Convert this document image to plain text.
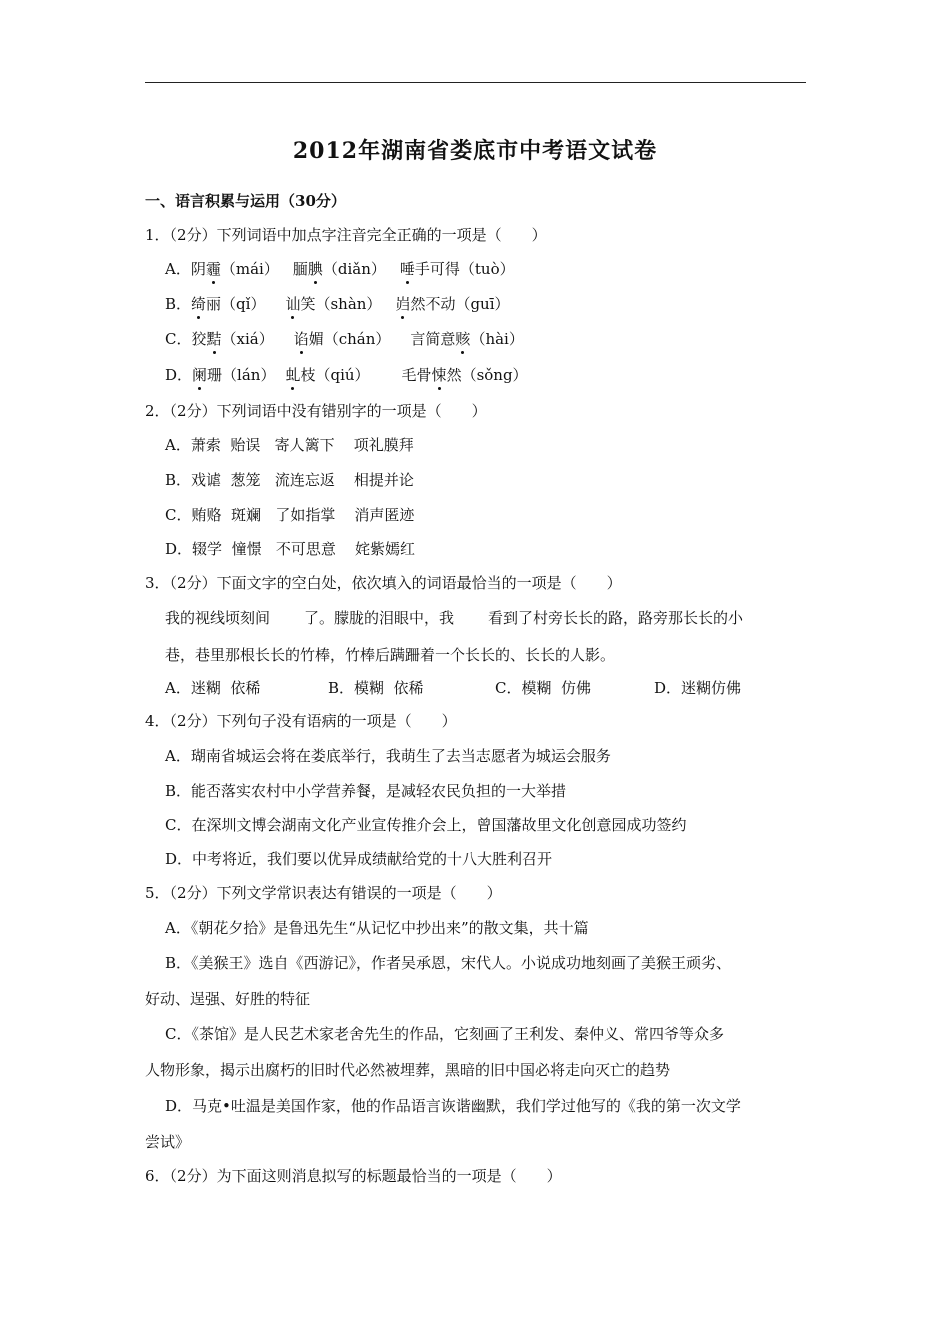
2012年湖南省娄底市中考语文试卷
一、语言积累与运用（30分）
1．（2分）下列词语中加点字注音完全正确的一项是（　　）
A．阴霾（mái） 腼腆（diǎn） 唾手可得（tuò）
B．绮丽（qǐ） 讪笑（shàn） 岿然不动（guī）
C．狡黠（xiá） 谄媚（chán） 言简意赅（hài）
D．阑珊（lán） 虬枝（qiú） 毛骨悚然（sǒng）
2．（2分）下列词语中没有错别字的一项是（　　）
A．萧索  贻误   寄人篱下    项礼膜拜
B．戏谑  葱笼   流连忘返    相提并论
C．贿赂  斑斓   了如指掌    消声匿迹
D．辍学  憧憬   不可思意    姹紫嫣红
3．（2分）下面文字的空白处，依次填入的词语最恰当的一项是（　　）
我的视线顷刻间 了。朦胧的泪眼中，我 看到了村旁长长的路，路旁那长长的小
巷，巷里那根长长的竹棒，竹棒后蹒跚着一个长长的、长长的人影。
A．迷糊  依稀	B．模糊  依稀	C．模糊  仿佛	D．迷糊仿佛
4．（2分）下列句子没有语病的一项是（　　）
A．瑚南省城运会将在娄底举行，我萌生了去当志愿者为城运会服务
B．能否落实农村中小学营养餐，是减轻农民负担的一大举措
C．在深圳文博会湖南文化产业宣传推介会上，曾国藩故里文化创意园成功签约
D．中考将近，我们要以优异成绩献给党的十八大胜利召开
5．（2分）下列文学常识表达有错误的一项是（　　）
A．《朝花夕拾》是鲁迅先生“从记忆中抄出来”的散文集，共十篇
B．《美猴王》选自《西游记》，作者吴承恩，宋代人。小说成功地刻画了美猴王顽劣、
好动、逞强、好胜的特征
C．《茶馆》是人民艺术家老舍先生的作品，它刻画了王利发、秦仲义、常四爷等众多
人物形象，揭示出腐朽的旧时代必然被埋葬，黑暗的旧中国必将走向灭亡的趋势
D．马克•吐温是美国作家，他的作品语言诙谐幽默，我们学过他写的《我的第一次文学
尝试》
6．（2分）为下面这则消息拟写的标题最恰当的一项是（　　）
